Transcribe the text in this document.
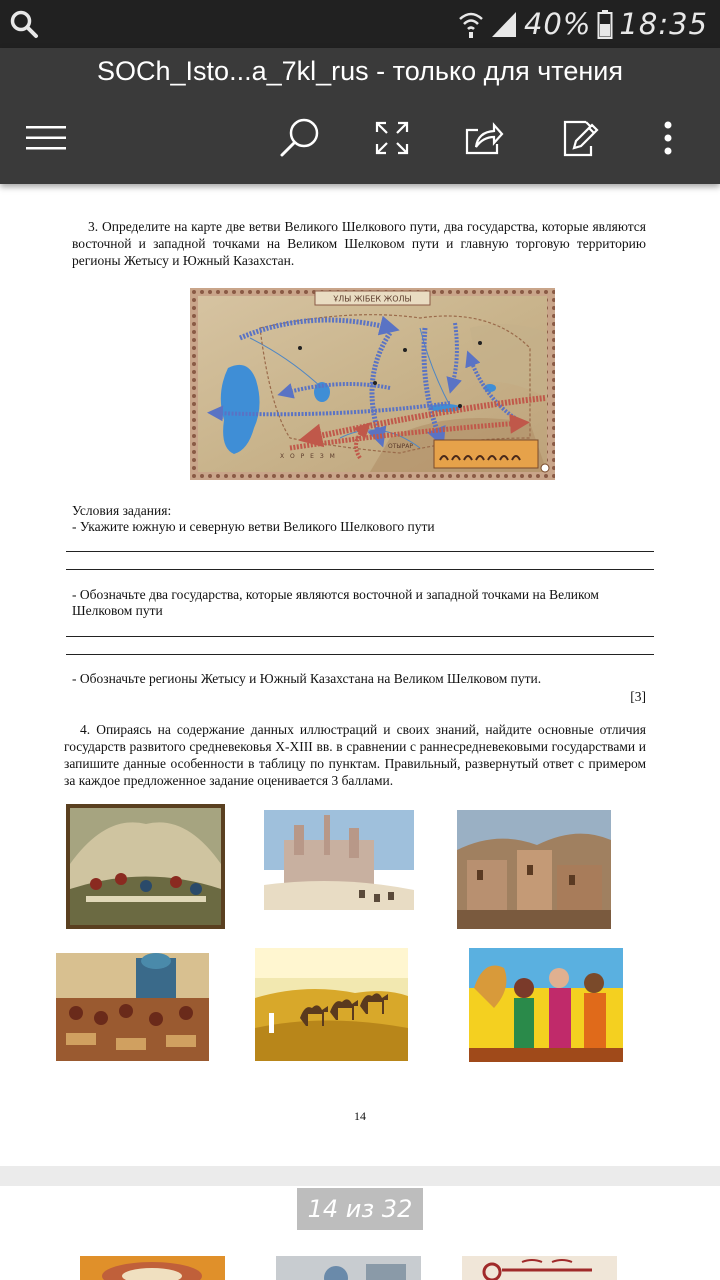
40% 18:35
SOCh_Isto...a_7kl_rus - только для чтения
3. Определите на карте две ветви Великого Шелкового пути, два государства, которые являются восточной и западной точками на Великом Шелковом пути и главную торговую территорию регионы Жетысу и Южный Казахстан.
ҰЛЫ ЖІБЕК ЖОЛЫ
Х О Р Е З М
ОТЫРАР
Условия задания:
- Укажите южную и северную ветви Великого Шелкового пути
- Обозначьте два государства, которые являются восточной и западной точками на Великом Шелковом пути
- Обозначьте регионы Жетысу и Южный Казахстана на Великом Шелковом пути.
[3]
4. Опираясь на содержание данных иллюстраций и своих знаний, найдите основные отличия государств развитого средневековья X-XIII вв. в сравнении с раннесредневековыми государствами и запишите данные особенности в таблицу по пунктам. Правильный, развернутый ответ с примером за каждое предложенное задание оценивается 3 баллами.
14
14 из 32
